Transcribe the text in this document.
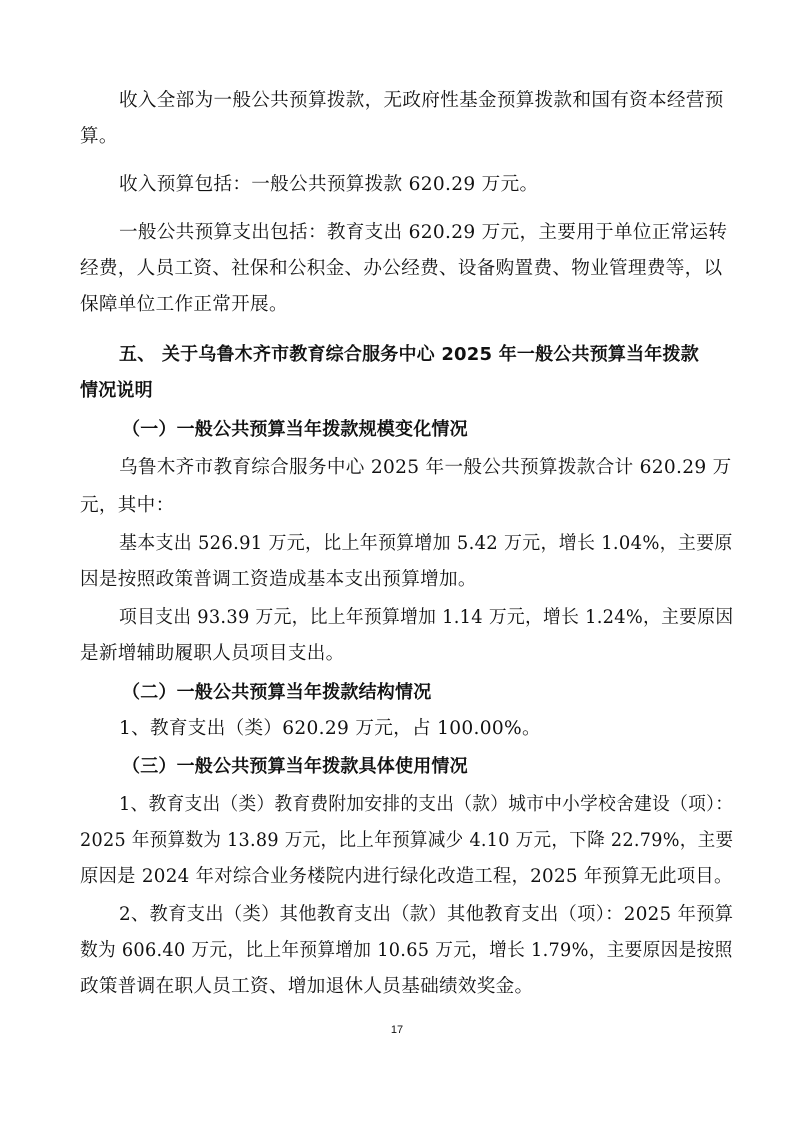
收入全部为一般公共预算拨款，无政府性基金预算拨款和国有资本经营预
算。
收入预算包括：一般公共预算拨款 620.29 万元。
一般公共预算支出包括：教育支出 620.29 万元，主要用于单位正常运转
经费，人员工资、社保和公积金、办公经费、设备购置费、物业管理费等，以
保障单位工作正常开展。
五、 关于乌鲁木齐市教育综合服务中心 2025 年一般公共预算当年拨款
情况说明
（一）一般公共预算当年拨款规模变化情况
乌鲁木齐市教育综合服务中心 2025 年一般公共预算拨款合计 620.29 万
元，其中：
基本支出 526.91 万元，比上年预算增加 5.42 万元，增长 1.04%，主要原
因是按照政策普调工资造成基本支出预算增加。
项目支出 93.39 万元，比上年预算增加 1.14 万元，增长 1.24%，主要原因
是新增辅助履职人员项目支出。
（二）一般公共预算当年拨款结构情况
1、教育支出（类）620.29 万元，占 100.00%。
（三）一般公共预算当年拨款具体使用情况
1、教育支出（类）教育费附加安排的支出（款）城市中小学校舍建设（项）：
2025 年预算数为 13.89 万元，比上年预算减少 4.10 万元，下降 22.79%，主要
原因是 2024 年对综合业务楼院内进行绿化改造工程，2025 年预算无此项目。
2、教育支出（类）其他教育支出（款）其他教育支出（项）：2025 年预算
数为 606.40 万元，比上年预算增加 10.65 万元，增长 1.79%，主要原因是按照
政策普调在职人员工资、增加退休人员基础绩效奖金。
17
